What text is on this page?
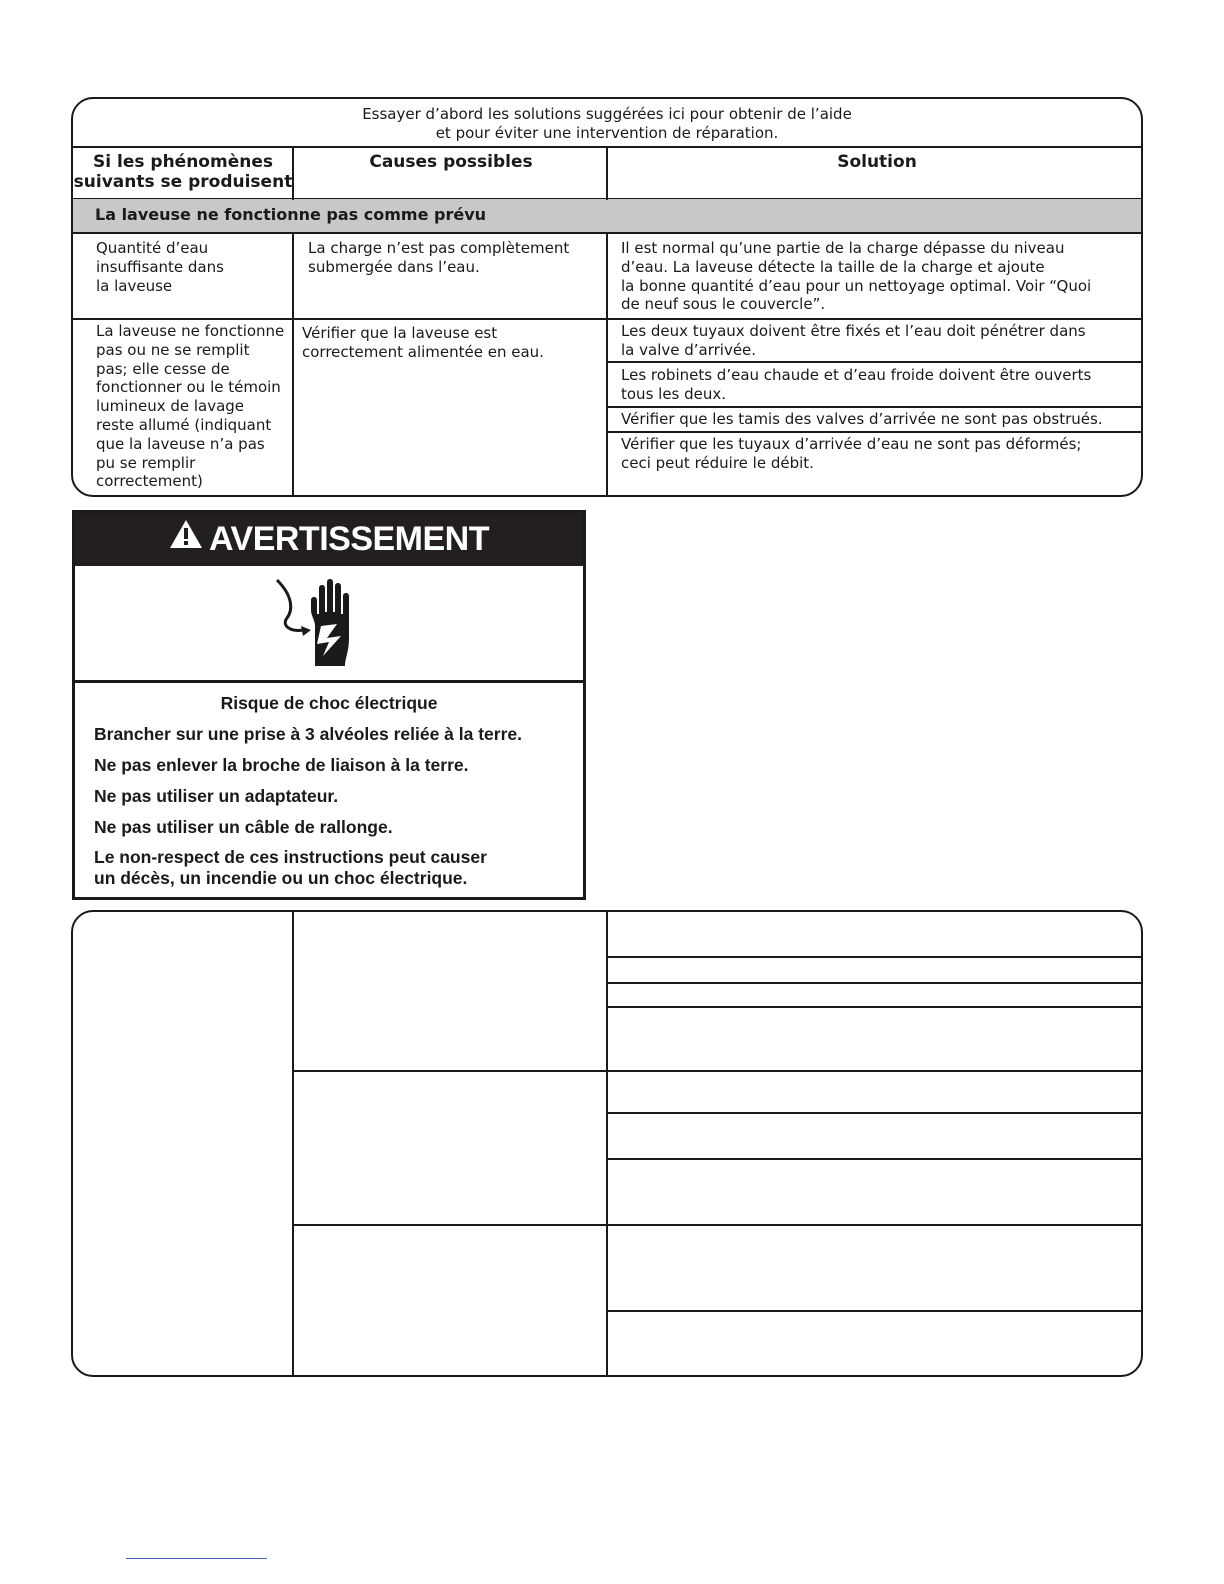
Essayer d’abord les solutions suggérées ici pour obtenir de l’aide
et pour éviter une intervention de réparation.
Si les phénomènes
suivants se produisent
Causes possibles	Solution
La laveuse ne fonctionne pas comme prévu
Quantité d’eau
insuffisante dans
la laveuse
La charge n’est pas complètement
submergée dans l’eau.
Il est normal qu’une partie de la charge dépasse du niveau
d’eau. La laveuse détecte la taille de la charge et ajoute
la bonne quantité d’eau pour un nettoyage optimal. Voir “Quoi
de neuf sous le couvercle”.
La laveuse ne fonctionne
pas ou ne se remplit
pas; elle cesse de
fonctionner ou le témoin
lumineux de lavage
reste allumé (indiquant
que la laveuse n’a pas
pu se remplir
correctement)
Vérifier que la laveuse est
correctement alimentée en eau.
Les deux tuyaux doivent être fixés et l’eau doit pénétrer dans
la valve d’arrivée.
Les robinets d’eau chaude et d’eau froide doivent être ouverts
tous les deux.
Vérifier que les tamis des valves d’arrivée ne sont pas obstrués.
Vérifier que les tuyaux d’arrivée d’eau ne sont pas déformés;
ceci peut réduire le débit.
AVERTISSEMENT
Risque de choc électrique
Brancher sur une prise à 3 alvéoles reliée à la terre.
Ne pas enlever la broche de liaison à la terre.
Ne pas utiliser un adaptateur.
Ne pas utiliser un câble de rallonge.
Le non-respect de ces instructions peut causer
un décès, un incendie ou un choc électrique.
